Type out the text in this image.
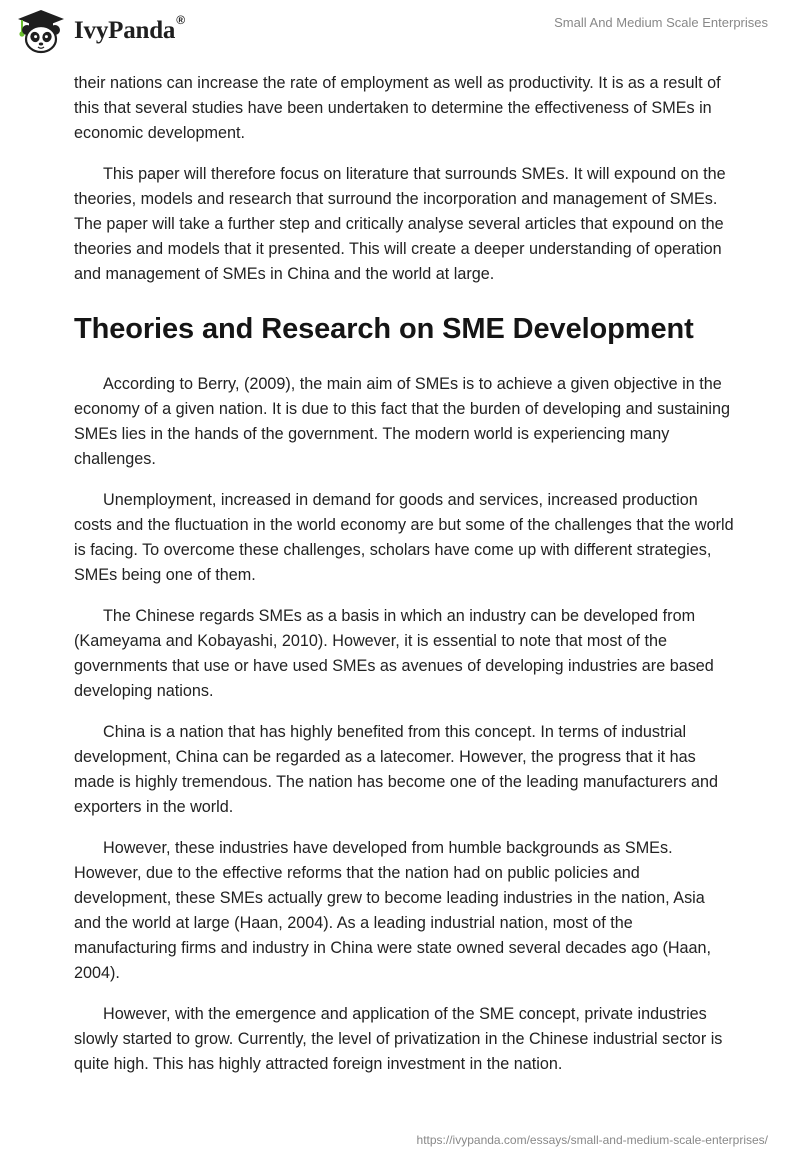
IvyPanda®	Small And Medium Scale Enterprises

their nations can increase the rate of employment as well as productivity. It is as a result of this that several studies have been undertaken to determine the effectiveness of SMEs in economic development.

This paper will therefore focus on literature that surrounds SMEs. It will expound on the theories, models and research that surround the incorporation and management of SMEs. The paper will take a further step and critically analyse several articles that expound on the theories and models that it presented. This will create a deeper understanding of operation and management of SMEs in China and the world at large.

Theories and Research on SME Development

According to Berry, (2009), the main aim of SMEs is to achieve a given objective in the economy of a given nation. It is due to this fact that the burden of developing and sustaining SMEs lies in the hands of the government. The modern world is experiencing many challenges.

Unemployment, increased in demand for goods and services, increased production costs and the fluctuation in the world economy are but some of the challenges that the world is facing. To overcome these challenges, scholars have come up with different strategies, SMEs being one of them.

The Chinese regards SMEs as a basis in which an industry can be developed from (Kameyama and Kobayashi, 2010). However, it is essential to note that most of the governments that use or have used SMEs as avenues of developing industries are based developing nations.

China is a nation that has highly benefited from this concept. In terms of industrial development, China can be regarded as a latecomer. However, the progress that it has made is highly tremendous. The nation has become one of the leading manufacturers and exporters in the world.

However, these industries have developed from humble backgrounds as SMEs. However, due to the effective reforms that the nation had on public policies and development, these SMEs actually grew to become leading industries in the nation, Asia and the world at large (Haan, 2004). As a leading industrial nation, most of the manufacturing firms and industry in China were state owned several decades ago (Haan, 2004).

However, with the emergence and application of the SME concept, private industries slowly started to grow. Currently, the level of privatization in the Chinese industrial sector is quite high. This has highly attracted foreign investment in the nation.

https://ivypanda.com/essays/small-and-medium-scale-enterprises/
